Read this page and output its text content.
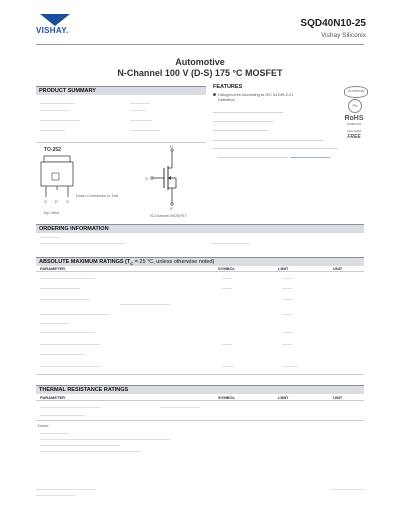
VISHAY.
SQD40N10-25
Vishay Siliconix
Automotive
N-Channel 100 V (D-S) 175 °C MOSFET
PRODUCT SUMMARY
TO-252
G D S
Top View
Drain Connected to Tab
D
G
S
N-Channel MOSFET
FEATURES
Halogen-free According to IEC 61249-2-21
Definition
AUTOMOTIVE
Pb
RoHS
COMPLIANT
HALOGEN
FREE
ORDERING INFORMATION
ABSOLUTE MAXIMUM RATINGS ($T_C = 25$ °C, unless otherwise noted)
PARAMETER	SYMBOL	LIMIT	UNIT
THERMAL RESISTANCE RATINGS
PARAMETER	SYMBOL	LIMIT	UNIT
Notes
